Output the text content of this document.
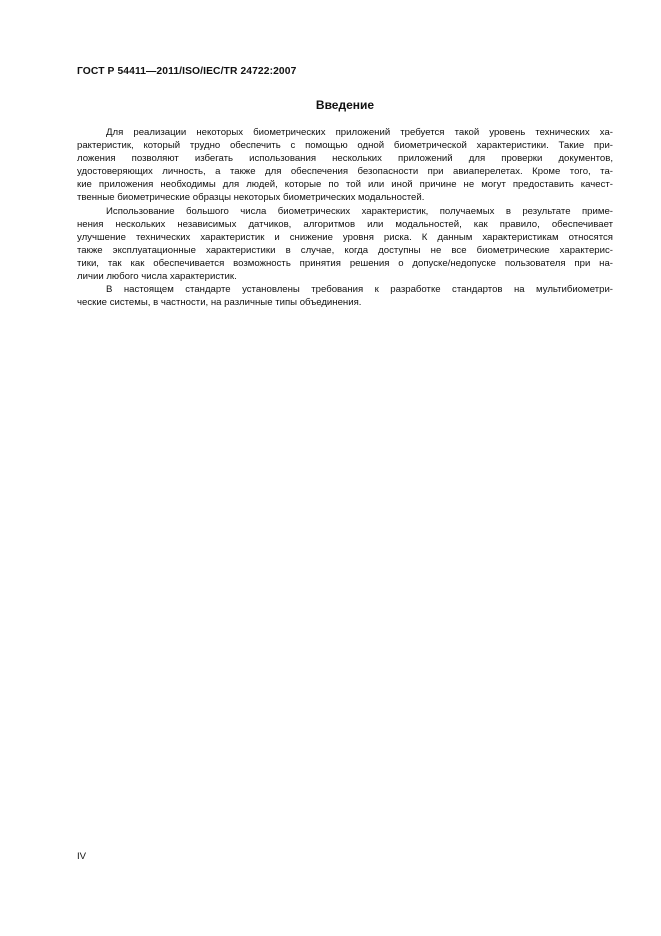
ГОСТ Р 54411—2011/ISO/IEC/TR 24722:2007
Введение
Для реализации некоторых биометрических приложений требуется такой уровень технических ха-
рактеристик, который трудно обеспечить с помощью одной биометрической характеристики. Такие при-
ложения позволяют избегать использования нескольких приложений для проверки документов,
удостоверяющих личность, а также для обеспечения безопасности при авиаперелетах. Кроме того, та-
кие приложения необходимы для людей, которые по той или иной причине не могут предоставить качест-
твенные биометрические образцы некоторых биометрических модальностей.
Использование большого числа биометрических характеристик, получаемых в результате приме-
нения нескольких независимых датчиков, алгоритмов или модальностей, как правило, обеспечивает
улучшение технических характеристик и снижение уровня риска. К данным характеристикам относятся
также эксплуатационные характеристики в случае, когда доступны не все биометрические характерис-
тики, так как обеспечивается возможность принятия решения о допуске/недопуске пользователя при на-
личии любого числа характеристик.
В настоящем стандарте установлены требования к разработке стандартов на мультибиометри-
ческие системы, в частности, на различные типы объединения.
IV
